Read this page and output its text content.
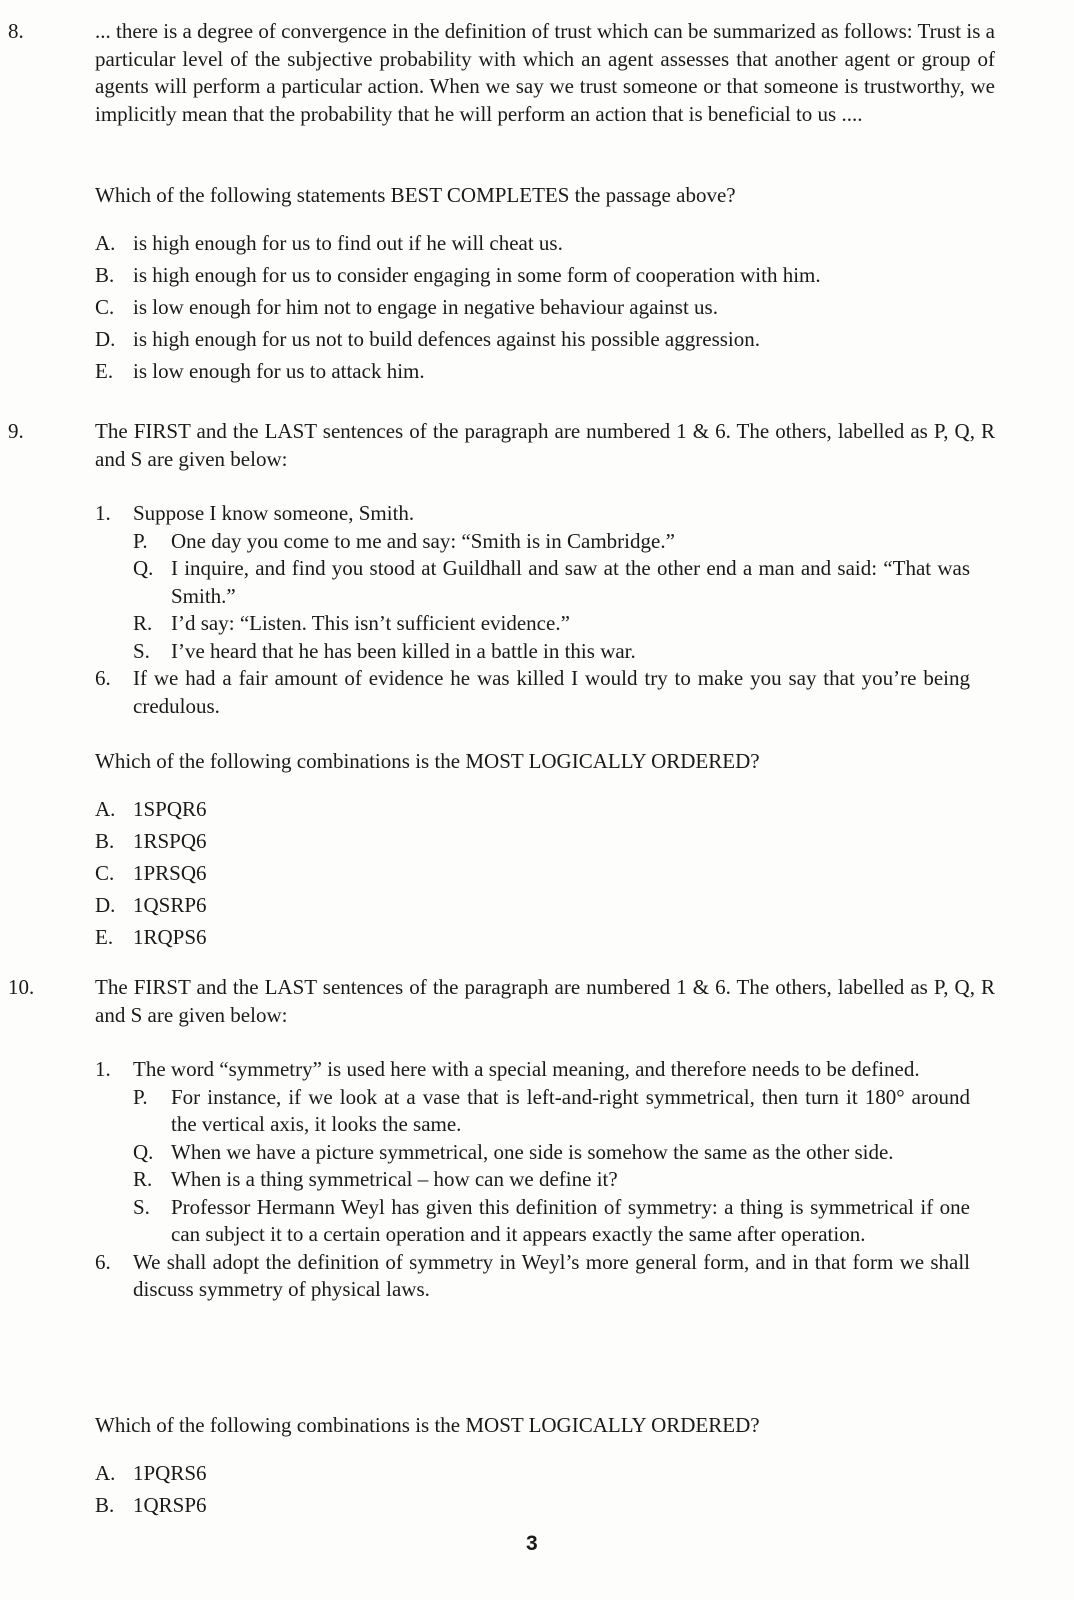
8.	... there is a degree of convergence in the definition of trust which can be summarized as follows: Trust is a particular level of the subjective probability with which an agent assesses that another agent or group of agents will perform a particular action. When we say we trust someone or that someone is trustworthy, we implicitly mean that the probability that he will perform an action that is beneficial to us ....
Which of the following statements BEST COMPLETES the passage above?
A. is high enough for us to find out if he will cheat us.
B. is high enough for us to consider engaging in some form of cooperation with him.
C. is low enough for him not to engage in negative behaviour against us.
D. is high enough for us not to build defences against his possible aggression.
E. is low enough for us to attack him.
9.	The FIRST and the LAST sentences of the paragraph are numbered 1 & 6. The others, labelled as P, Q, R and S are given below:
1.	Suppose I know someone, Smith.
P.	One day you come to me and say: “Smith is in Cambridge.”
Q. I inquire, and find you stood at Guildhall and saw at the other end a man and said: “That was Smith.”
R. I’d say: “Listen. This isn’t sufficient evidence.”
S.	I’ve heard that he has been killed in a battle in this war.
6.	If we had a fair amount of evidence he was killed I would try to make you say that you’re being credulous.
Which of the following combinations is the MOST LOGICALLY ORDERED?
A. 1SPQR6
B. 1RSPQ6
C. 1PRSQ6
D. 1QSRP6
E. 1RQPS6
10.	The FIRST and the LAST sentences of the paragraph are numbered 1 & 6. The others, labelled as P, Q, R and S are given below:
1.	The word “symmetry” is used here with a special meaning, and therefore needs to be defined.
P.	For instance, if we look at a vase that is left-and-right symmetrical, then turn it 180° around the vertical axis, it looks the same.
Q. When we have a picture symmetrical, one side is somehow the same as the other side.
R. When is a thing symmetrical – how can we define it?
S.	Professor Hermann Weyl has given this definition of symmetry: a thing is symmetrical if one can subject it to a certain operation and it appears exactly the same after operation.
6.	We shall adopt the definition of symmetry in Weyl’s more general form, and in that form we shall discuss symmetry of physical laws.
Which of the following combinations is the MOST LOGICALLY ORDERED?
A. 1PQRS6
B. 1QRSP6
3
